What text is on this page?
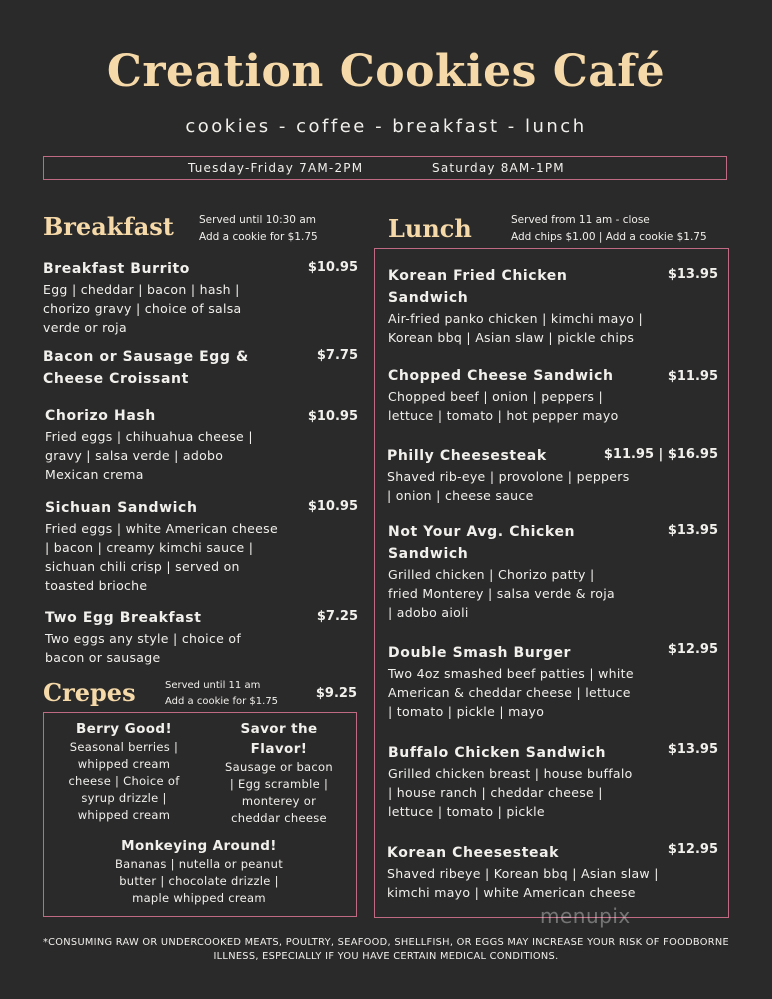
Creation Cookies Café
cookies - coffee - breakfast - lunch
Tuesday-Friday 7AM-2PM	Saturday 8AM-1PM
Breakfast Served until 10:30 am
Add a cookie for $1.75
Breakfast Burrito	$10.95
Egg | cheddar | bacon | hash |
chorizo gravy | choice of salsa
verde or roja
Bacon or Sausage Egg &
Cheese Croissant
$7.75
Chorizo Hash	$10.95
Fried eggs | chihuahua cheese |
gravy | salsa verde | adobo
Mexican crema
Sichuan Sandwich	$10.95
Fried eggs | white American cheese
| bacon | creamy kimchi sauce |
sichuan chili crisp | served on
toasted brioche
Two Egg Breakfast	$7.25
Two eggs any style | choice of
bacon or sausage
Crepes	Served until 11 am
Add a cookie for $1.75
$9.25
Berry Good!
Seasonal berries |
whipped cream
cheese | Choice of
syrup drizzle |
whipped cream
Savor the
Flavor!
Sausage or bacon
| Egg scramble |
monterey or
cheddar cheese
Monkeying Around!
Bananas | nutella or peanut
butter | chocolate drizzle |
maple whipped cream
Lunch	Served from 11 am - close
Add chips $1.00 | Add a cookie $1.75
Korean Fried Chicken
Sandwich
$13.95
Air-fried panko chicken | kimchi mayo |
Korean bbq | Asian slaw | pickle chips
Chopped Cheese Sandwich	$11.95
Chopped beef | onion | peppers |
lettuce | tomato | hot pepper mayo
Philly Cheesesteak	$11.95 | $16.95
Shaved rib-eye | provolone | peppers
| onion | cheese sauce
Not Your Avg. Chicken
Sandwich
$13.95
Grilled chicken | Chorizo patty |
fried Monterey | salsa verde & roja
| adobo aioli
Double Smash Burger	$12.95
Two 4oz smashed beef patties | white
American & cheddar cheese | lettuce
| tomato | pickle | mayo
Buffalo Chicken Sandwich	$13.95
Grilled chicken breast | house buffalo
| house ranch | cheddar cheese |
lettuce | tomato | pickle
Korean Cheesesteak	$12.95
Shaved ribeye | Korean bbq | Asian slaw |
kimchi mayo | white American cheese
menupix
*CONSUMING RAW OR UNDERCOOKED MEATS, POULTRY, SEAFOOD, SHELLFISH, OR EGGS MAY INCREASE YOUR RISK OF FOODBORNE
ILLNESS, ESPECIALLY IF YOU HAVE CERTAIN MEDICAL CONDITIONS.
